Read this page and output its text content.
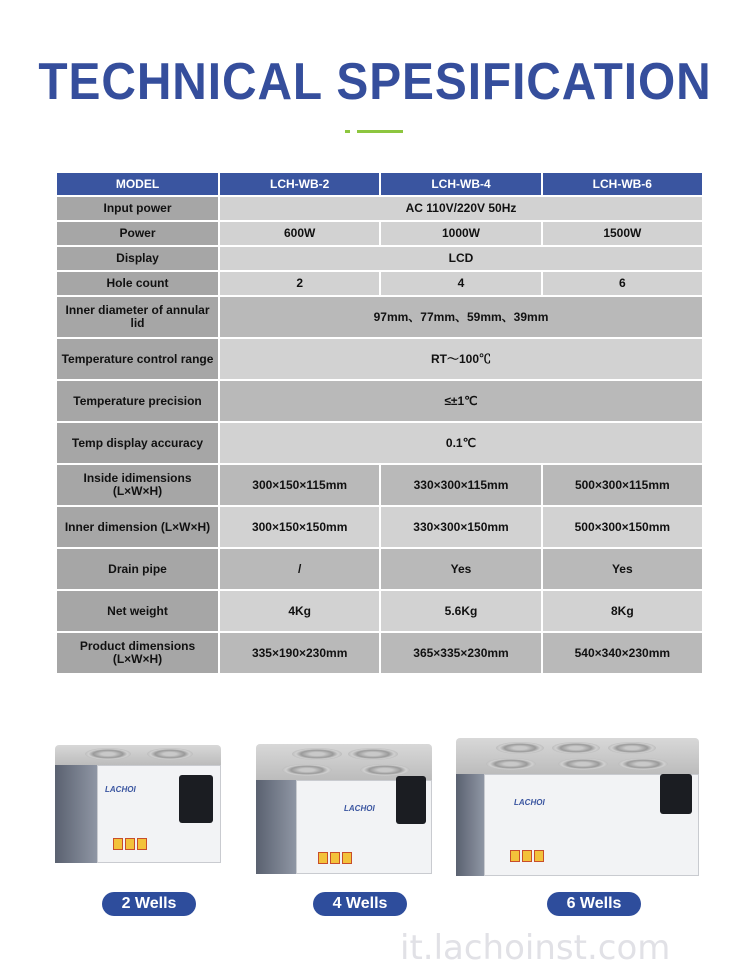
TECHNICAL SPESIFICATION
MODEL	LCH-WB-2	LCH-WB-4	LCH-WB-6
Input power	AC 110V/220V 50Hz		
Power	600W	1000W	1500W
Display	LCD		
Hole count	2	4	6
Inner diameter of annular lid	97mm、77mm、59mm、39mm		
Temperature control range	RT～100℃		
Temperature precision	≤±1℃		
Temp display accuracy	0.1℃		
Inside idimensions (L×W×H)	300×150×115mm	330×300×115mm	500×300×115mm
Inner dimension (L×W×H)	300×150×150mm	330×300×150mm	500×300×150mm
Drain pipe	/	Yes	Yes
Net weight	4Kg	5.6Kg	8Kg
Product dimensions (L×W×H)	335×190×230mm	365×335×230mm	540×340×230mm
LACHOI
LACHOI
LACHOI
2 Wells	4 Wells	6 Wells
it.lachoinst.com
